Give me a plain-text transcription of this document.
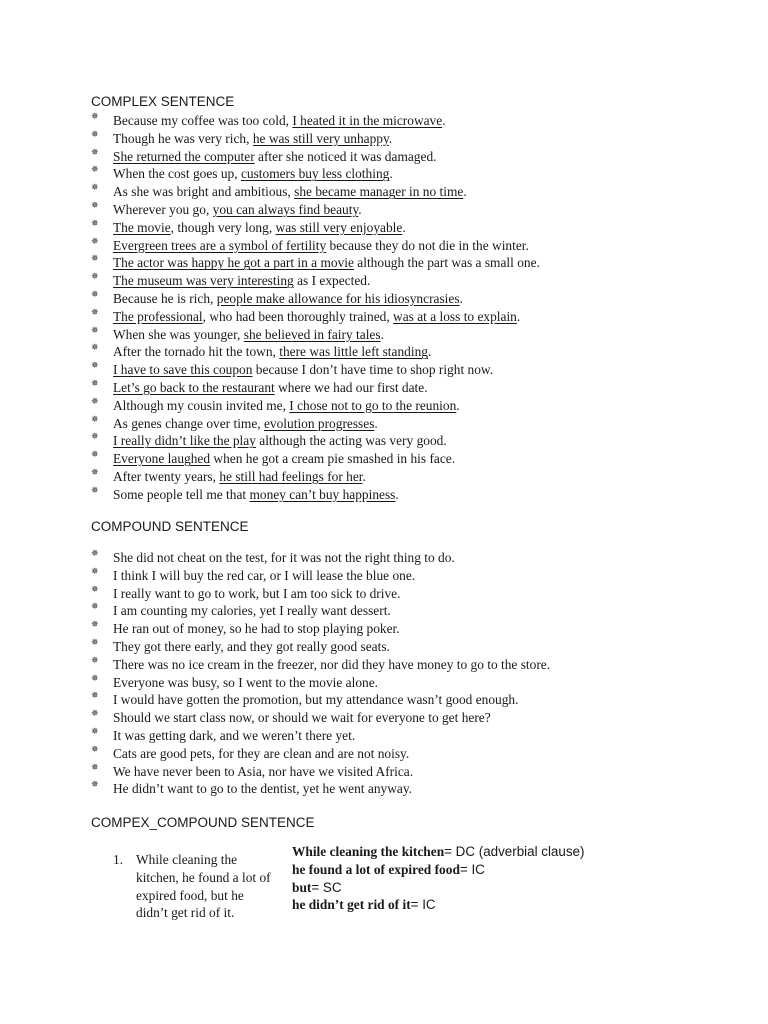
COMPLEX SENTENCE
✵ Because my coffee was too cold, I heated it in the microwave.
✵ Though he was very rich, he was still very unhappy.
✵ She returned the computer after she noticed it was damaged.
✵ When the cost goes up, customers buy less clothing.
✵ As she was bright and ambitious, she became manager in no time.
✵ Wherever you go, you can always find beauty.
✵ The movie, though very long, was still very enjoyable.
✵ Evergreen trees are a symbol of fertility because they do not die in the winter.
✵ The actor was happy he got a part in a movie although the part was a small one.
✵ The museum was very interesting as I expected.
✵ Because he is rich, people make allowance for his idiosyncrasies.
✵ The professional, who had been thoroughly trained, was at a loss to explain.
✵ When she was younger, she believed in fairy tales.
✵ After the tornado hit the town, there was little left standing.
✵ I have to save this coupon because I don’t have time to shop right now.
✵ Let’s go back to the restaurant where we had our first date.
✵ Although my cousin invited me, I chose not to go to the reunion.
✵ As genes change over time, evolution progresses.
✵ I really didn’t like the play although the acting was very good.
✵ Everyone laughed when he got a cream pie smashed in his face.
✵ After twenty years, he still had feelings for her.
✵ Some people tell me that money can’t buy happiness.
COMPOUND SENTENCE
✵ She did not cheat on the test, for it was not the right thing to do.
✵ I think I will buy the red car, or I will lease the blue one.
✵ I really want to go to work, but I am too sick to drive.
✵ I am counting my calories, yet I really want dessert.
✵ He ran out of money, so he had to stop playing poker.
✵ They got there early, and they got really good seats.
✵ There was no ice cream in the freezer, nor did they have money to go to the store.
✵ Everyone was busy, so I went to the movie alone.
✵ I would have gotten the promotion, but my attendance wasn’t good enough.
✵ Should we start class now, or should we wait for everyone to get here?
✵ It was getting dark, and we weren’t there yet.
✵ Cats are good pets, for they are clean and are not noisy.
✵ We have never been to Asia, nor have we visited Africa.
✵ He didn’t want to go to the dentist, yet he went anyway.
COMPEX_COMPOUND SENTENCE
1. While cleaning the
kitchen, he found a lot of
expired food, but he
didn’t get rid of it.
While cleaning the kitchen= DC (adverbial clause)
he found a lot of expired food= IC
but= SC
he didn’t get rid of it= IC
